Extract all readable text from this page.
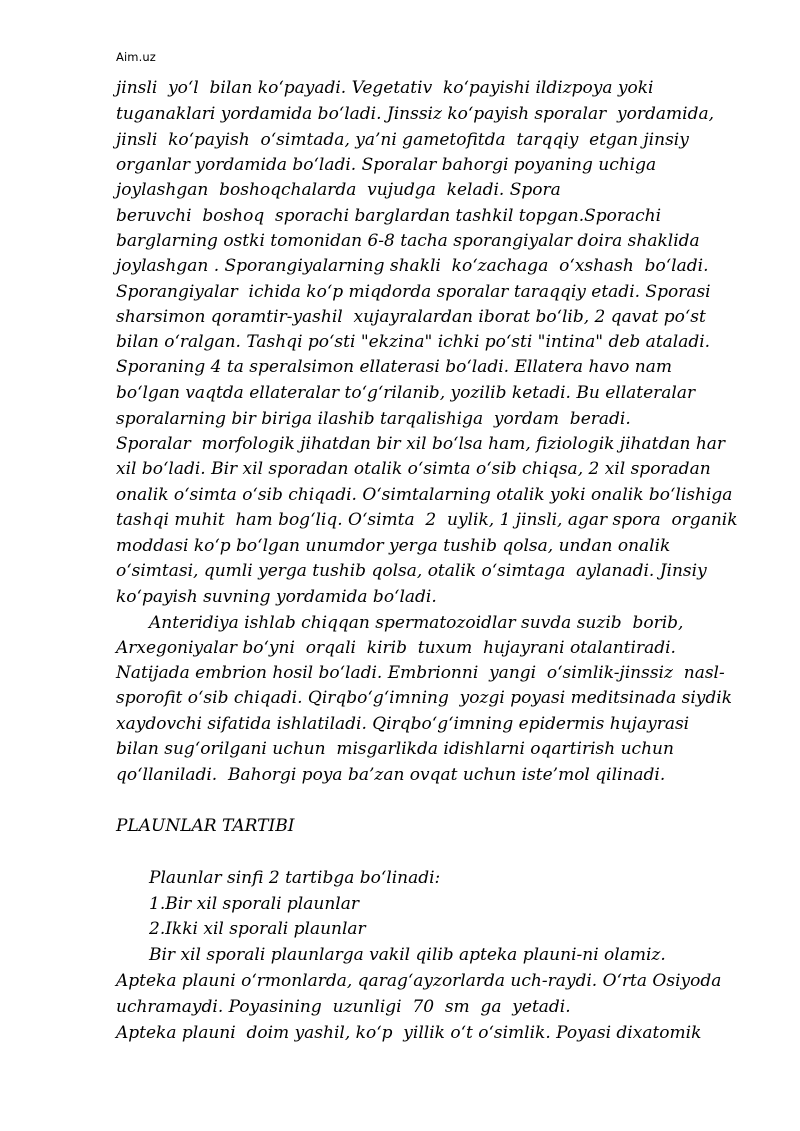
Aim.uz
jinsli  yo‘l  bilan ko‘payadi. Vegetativ  ko‘payishi ildizpoya yoki
tuganaklari yordamida bo‘ladi. Jinssiz ko‘payish sporalar  yordamida,
jinsli  ko‘payish  o‘simtada, ya’ni gametofitda  tarqqiy  etgan jinsiy
organlar yordamida bo‘ladi. Sporalar bahorgi poyaning uchiga
joylashgan  boshoqchalarda  vujudga  keladi. Spora
beruvchi  boshoq  sporachi barglardan tashkil topgan.Sporachi
barglarning ostki tomonidan 6-8 tacha sporangiyalar doira shaklida
joylashgan . Sporangiyalarning shakli  ko‘zachaga  o‘xshash  bo‘ladi.
Sporangiyalar  ichida ko‘p miqdorda sporalar taraqqiy etadi. Sporasi
sharsimon qoramtir-yashil  xujayralardan iborat bo‘lib, 2 qavat po‘st
bilan o‘ralgan. Tashqi po‘sti "ekzina" ichki po‘sti "intina" deb ataladi.
Sporaning 4 ta speralsimon ellaterasi bo‘ladi. Ellatera havo nam
bo‘lgan vaqtda ellateralar to‘g‘rilanib, yozilib ketadi. Bu ellateralar
sporalarning bir biriga ilashib tarqalishiga  yordam  beradi.
Sporalar  morfologik jihatdan bir xil bo‘lsa ham, fiziologik jihatdan har
xil bo‘ladi. Bir xil sporadan otalik o‘simta o‘sib chiqsa, 2 xil sporadan
onalik o‘simta o‘sib chiqadi. O‘simtalarning otalik yoki onalik bo‘lishiga
tashqi muhit  ham bog‘liq. O‘simta  2  uylik, 1 jinsli, agar spora  organik
moddasi ko‘p bo‘lgan unumdor yerga tushib qolsa, undan onalik
o‘simtasi, qumli yerga tushib qolsa, otalik o‘simtaga  aylanadi. Jinsiy
ko‘payish suvning yordamida bo‘ladi.
Anteridiya ishlab chiqqan spermatozoidlar suvda suzib  borib,
Arxegoniyalar bo‘yni  orqali  kirib  tuxum  hujayrani otalantiradi.
Natijada embrion hosil bo‘ladi. Embrionni  yangi  o‘simlik-jinssiz  nasl-
sporofit o‘sib chiqadi. Qirqbo‘g‘imning  yozgi poyasi meditsinada siydik
xaydovchi sifatida ishlatiladi. Qirqbo‘g‘imning epidermis hujayrasi
bilan sug‘orilgani uchun  misgarlikda idishlarni oqartirish uchun
qo‘llaniladi.  Bahorgi poya ba’zan ovqat uchun iste’mol qilinadi.
PLAUNLAR TARTIBI
Plaunlar sinfi 2 tartibga bo‘linadi:
1.Bir xil sporali plaunlar
2.Ikki xil sporali plaunlar
Bir xil sporali plaunlarga vakil qilib apteka plauni-ni olamiz.
Apteka plauni o‘rmonlarda, qarag‘ayzorlarda uch-raydi. O‘rta Osiyoda
uchramaydi. Poyasining  uzunligi  70  sm  ga  yetadi.
Apteka plauni  doim yashil, ko‘p  yillik o‘t o‘simlik. Poyasi dixatomik
